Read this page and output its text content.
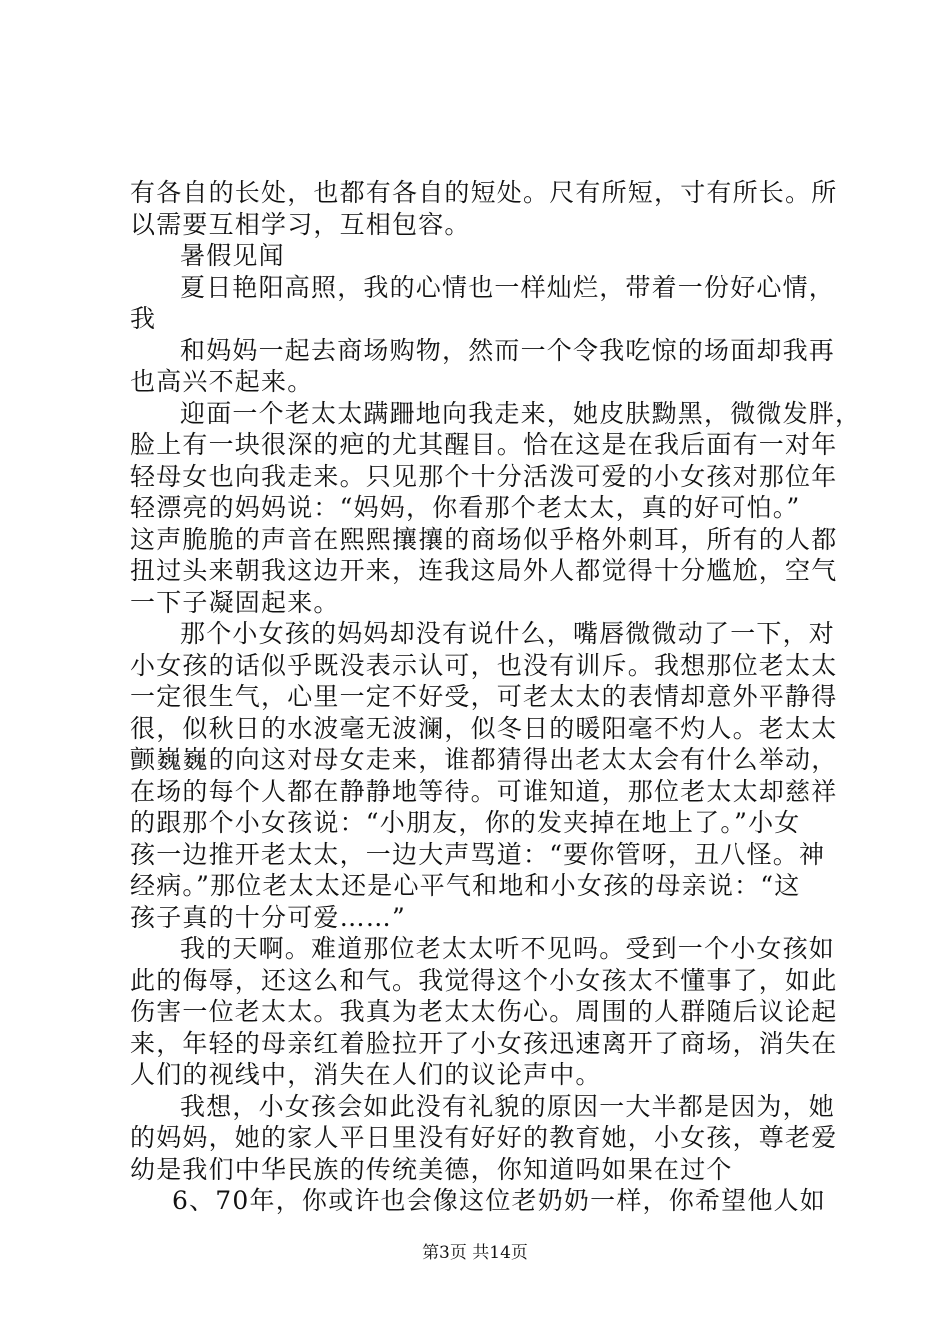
有各自的长处，也都有各自的短处。尺有所短，寸有所长。所
以需要互相学习，互相包容。
暑假见闻
夏日艳阳高照，我的心情也一样灿烂，带着一份好心情，
我
和妈妈一起去商场购物，然而一个令我吃惊的场面却我再
也高兴不起来。
迎面一个老太太蹒跚地向我走来，她皮肤黝黑，微微发胖，
脸上有一块很深的疤的尤其醒目。恰在这是在我后面有一对年
轻母女也向我走来。只见那个十分活泼可爱的小女孩对那位年
轻漂亮的妈妈说：“妈妈，你看那个老太太，真的好可怕。”
这声脆脆的声音在熙熙攘攘的商场似乎格外刺耳，所有的人都
扭过头来朝我这边开来，连我这局外人都觉得十分尴尬，空气
一下子凝固起来。
那个小女孩的妈妈却没有说什么，嘴唇微微动了一下，对
小女孩的话似乎既没表示认可，也没有训斥。我想那位老太太
一定很生气，心里一定不好受，可老太太的表情却意外平静得
很，似秋日的水波毫无波澜，似冬日的暖阳毫不灼人。老太太
颤巍巍的向这对母女走来，谁都猜得出老太太会有什么举动，
在场的每个人都在静静地等待。可谁知道，那位老太太却慈祥
的跟那个小女孩说：“小朋友，你的发夹掉在地上了。”小女
孩一边推开老太太，一边大声骂道：“要你管呀，丑八怪。神
经病。”那位老太太还是心平气和地和小女孩的母亲说：“这
孩子真的十分可爱……”
我的天啊。难道那位老太太听不见吗。受到一个小女孩如
此的侮辱，还这么和气。我觉得这个小女孩太不懂事了，如此
伤害一位老太太。我真为老太太伤心。周围的人群随后议论起
来，年轻的母亲红着脸拉开了小女孩迅速离开了商场，消失在
人们的视线中，消失在人们的议论声中。
我想，小女孩会如此没有礼貌的原因一大半都是因为，她
的妈妈，她的家人平日里没有好好的教育她，小女孩，尊老爱
幼是我们中华民族的传统美德，你知道吗如果在过个
6、70年，你或许也会像这位老奶奶一样，你希望他人如
第3页 共14页
